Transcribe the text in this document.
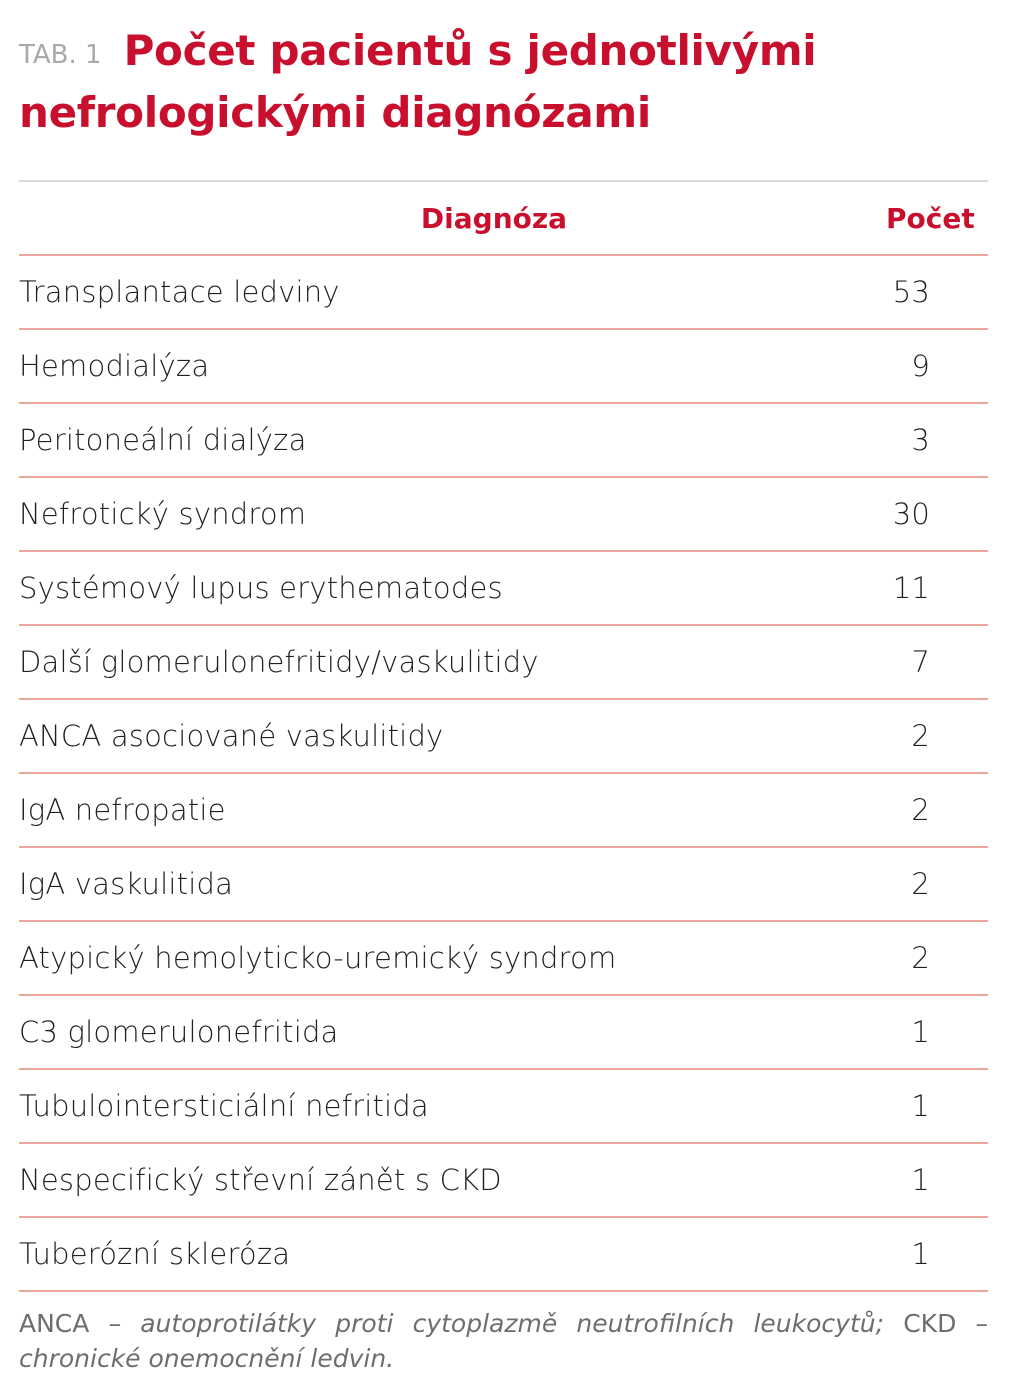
TAB. 1 Počet pacientů s jednotlivými
nefrologickými diagnózami
Diagnóza	Počet
Transplantace ledviny	53
Hemodialýza	9
Peritoneální dialýza	3
Nefrotický syndrom	30
Systémový lupus erythematodes	11
Další glomerulonefritidy/vaskulitidy	7
ANCA asociované vaskulitidy	2
IgA nefropatie	2
IgA vaskulitida	2
Atypický hemolyticko-uremický syndrom	2
C3 glomerulonefritida	1
Tubulointersticiální nefritida	1
Nespecifický střevní zánět s CKD	1
Tuberózní skleróza	1

ANCA – autoprotilátky proti cytoplazmě neutrofilních leukocytů; CKD – chronické onemocnění ledvin.
